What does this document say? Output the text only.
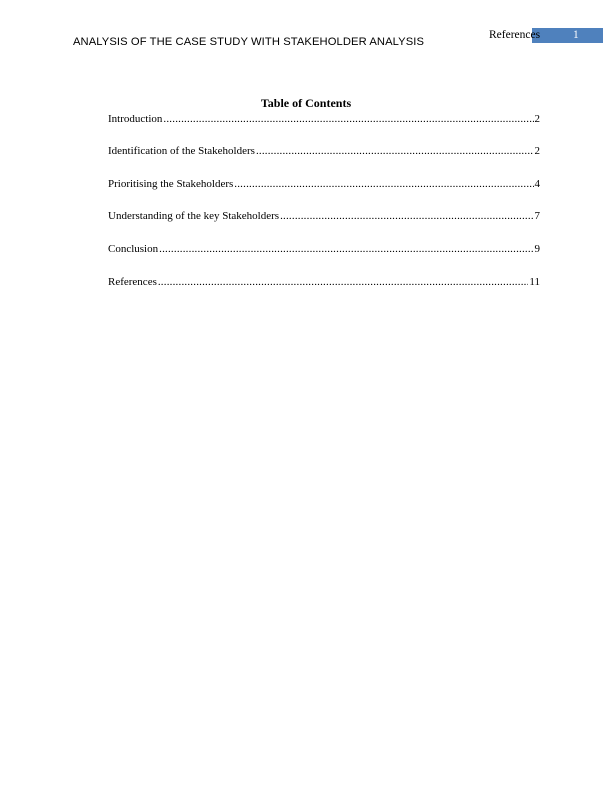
ANALYSIS OF THE CASE STUDY WITH STAKEHOLDER ANALYSIS
References	1
Table of Contents
Introduction .....	2
Identification of the Stakeholders .....	2
Prioritising the Stakeholders .....	4
Understanding of the key Stakeholders .....	7
Conclusion .....	9
References .....	11
